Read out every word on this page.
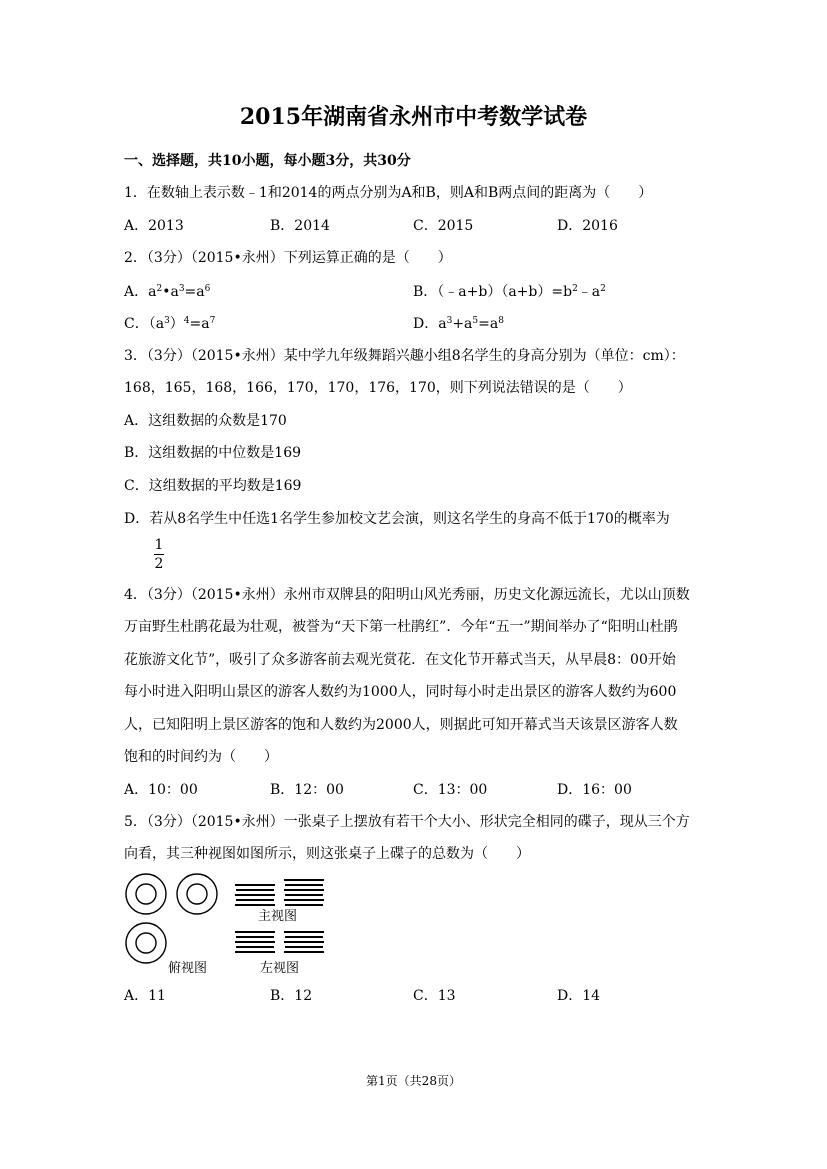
2015年湖南省永州市中考数学试卷
一、选择题，共10小题，每小题3分，共30分
1．在数轴上表示数﹣1和2014的两点分别为A和B，则A和B两点间的距离为（　　）
A．2013	B．2014	C．2015	D．2016
2．（3分）（2015•永州）下列运算正确的是（　　）
A．$a^2•a^3=a^6$	B．$(﹣a+b)(a+b)=b^2﹣a^2$
C．$(a^3)^4=a^7$	D．$a^3+a^5=a^8$
3．（3分）（2015•永州）某中学九年级舞蹈兴趣小组8名学生的身高分别为（单位：cm）：
168，165，168，166，170，170，176，170，则下列说法错误的是（　　）
A．这组数据的众数是170
B．这组数据的中位数是169
C．这组数据的平均数是169
D．若从8名学生中任选1名学生参加校文艺会演，则这名学生的身高不低于170的概率为
1
2
4．（3分）（2015•永州）永州市双牌县的阳明山风光秀丽，历史文化源远流长，尤以山顶数
万亩野生杜鹃花最为壮观，被誉为“天下第一杜鹃红”．今年“五一”期间举办了“阳明山杜鹃
花旅游文化节”，吸引了众多游客前去观光赏花．在文化节开幕式当天，从早晨8：00开始
每小时进入阳明山景区的游客人数约为1000人，同时每小时走出景区的游客人数约为600
人，已知阳明上景区游客的饱和人数约为2000人，则据此可知开幕式当天该景区游客人数
饱和的时间约为（　　）
A．10：00	B．12：00	C．13：00	D．16：00
5．（3分）（2015•永州）一张桌子上摆放有若干个大小、形状完全相同的碟子，现从三个方
向看，其三种视图如图所示，则这张桌子上碟子的总数为（　　）
主视图
俯视图	左视图
A．11	B．12	C．13	D．14
第1页（共28页）
